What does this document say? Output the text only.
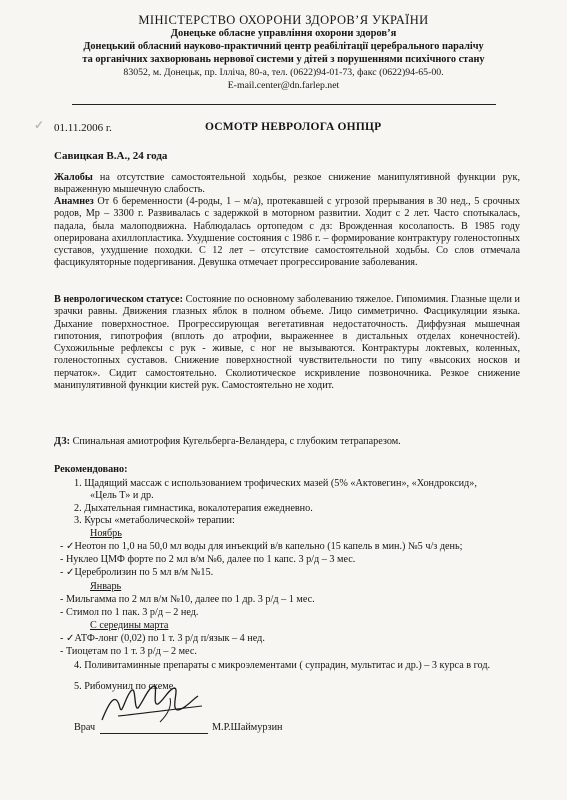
МІНІСТЕРСТВО ОХОРОНИ ЗДОРОВ’Я УКРАЇНИ
Донецьке обласне управління охорони здоров’я
Донецький обласний науково-практичний центр реабілітації церебрального паралічу
та органічних захворювань нервової системи у дітей з порушеннями психічного стану
83052, м. Донецьк, пр. Ілліча, 80-а, тел. (0622)94-01-73, факс (0622)94-65-00.
E-mail.center@dn.farlep.net
✓ 01.11.2006 г.	ОСМОТР НЕВРОЛОГА ОНПЦР
Савицкая В.А., 24 года
Жалобы на отсутствие самостоятельной ходьбы, резкое снижение манипулятивной функции рук, выраженную мышечную слабость.
Анамнез От 6 беременности (4-роды, 1 – м/а), протекавшей с угрозой прерывания в 30 нед., 5 срочных родов, Мр – 3300 г. Развивалась с задержкой в моторном развитии. Ходит с 2 лет. Часто спотыкалась, падала, была малоподвижна. Наблюдалась ортопедом с дз: Врожденная косолапость. В 1985 году оперирована ахиллопластика. Ухудшение состояния с 1986 г. – формирование контрактуру голеностопных суставов, ухудшение походки. С 12 лет – отсутствие самостоятельной ходьбы. Со слов отмечала фасцикуляторные подергивания. Девушка отмечает прогрессирование заболевания.
В неврологическом статусе: Состояние по основному заболеванию тяжелое. Гипомимия. Глазные щели и зрачки равны. Движения глазных яблок в полном объеме. Лицо симметрично. Фасцикуляции языка. Дыхание поверхностное. Прогрессирующая вегетативная недостаточность. Диффузная мышечная гипотония, гипотрофия (вплоть до атрофии, выраженнее в дистальных отделах конечностей). Сухожильные рефлексы с рук - живые, с ног не вызываются. Контрактуры локтевых, коленных, голеностопных суставов. Снижение поверхностной чувствительности по типу «высоких носков и перчаток». Сидит самостоятельно. Сколиотическое искривление позвоночника. Резкое снижение манипулятивной функции кистей рук. Самостоятельно не ходит.
ДЗ: Спинальная амиотрофия Кугельберга-Веландера, с глубоким тетрапарезом.
Рекомендовано:
1. Щадящий массаж с использованием трофических мазей (5% «Актовегин», «Хондроксид»,
«Цель Т» и др.
2. Дыхательная гимнастика, вокалотерапия ежедневно.
3. Курсы «метаболической» терапии:
Ноябрь
- ✓Неотон по 1,0 на 50,0 мл воды для инъекций в/в капельно (15 капель в мин.) №5 ч/з день;
- Нуклео ЦМФ форте по 2 мл в/м №6, далее по 1 капс. 3 р/д – 3 мес.
- ✓Церебролизин по 5 мл в/м №15.
Январь
- Мильгамма по 2 мл в/м №10, далее по 1 др. 3 р/д – 1 мес.
- Стимол по 1 пак. 3 р/д – 2 нед.
С середины марта
- ✓АТФ-лонг (0,02) по 1 т. 3 р/д п/язык – 4 нед.
- Тиоцетам по 1 т. 3 р/д – 2 мес.
4. Поливитаминные препараты с микроэлементами ( супрадин, мультитас и др.) – 3 курса в год.
5. Рибомунил по схеме.
Врач	М.Р.Шаймурзин
